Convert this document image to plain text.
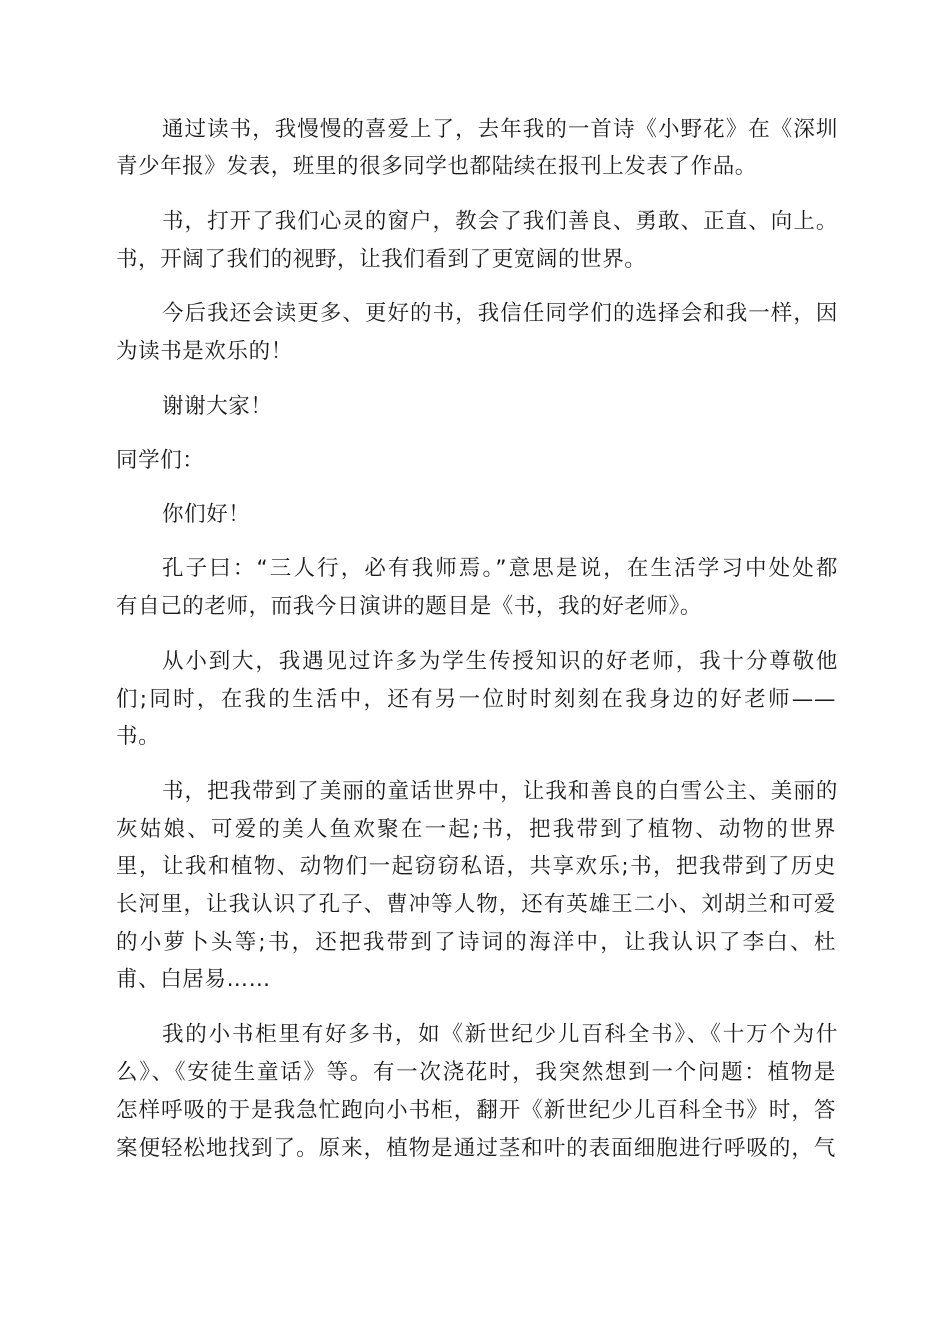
通过读书，我慢慢的喜爱上了，去年我的一首诗《小野花》在《深圳
青少年报》发表，班里的很多同学也都陆续在报刊上发表了作品。
书，打开了我们心灵的窗户，教会了我们善良、勇敢、正直、向上。
书，开阔了我们的视野，让我们看到了更宽阔的世界。
今后我还会读更多、更好的书，我信任同学们的选择会和我一样，因
为读书是欢乐的！
谢谢大家！
同学们：
你们好！
孔子曰：“三人行，必有我师焉。”意思是说，在生活学习中处处都
有自己的老师，而我今日演讲的题目是《书，我的好老师》。
从小到大，我遇见过许多为学生传授知识的好老师，我十分尊敬他
们;同时，在我的生活中，还有另一位时时刻刻在我身边的好老师——
书。
书，把我带到了美丽的童话世界中，让我和善良的白雪公主、美丽的
灰姑娘、可爱的美人鱼欢聚在一起;书，把我带到了植物、动物的世界
里，让我和植物、动物们一起窃窃私语，共享欢乐;书，把我带到了历史
长河里，让我认识了孔子、曹冲等人物，还有英雄王二小、刘胡兰和可爱
的小萝卜头等;书，还把我带到了诗词的海洋中，让我认识了李白、杜
甫、白居易……
我的小书柜里有好多书，如《新世纪少儿百科全书》、《十万个为什
么》、《安徒生童话》等。有一次浇花时，我突然想到一个问题：植物是
怎样呼吸的于是我急忙跑向小书柜，翻开《新世纪少儿百科全书》时，答
案便轻松地找到了。原来，植物是通过茎和叶的表面细胞进行呼吸的，气
